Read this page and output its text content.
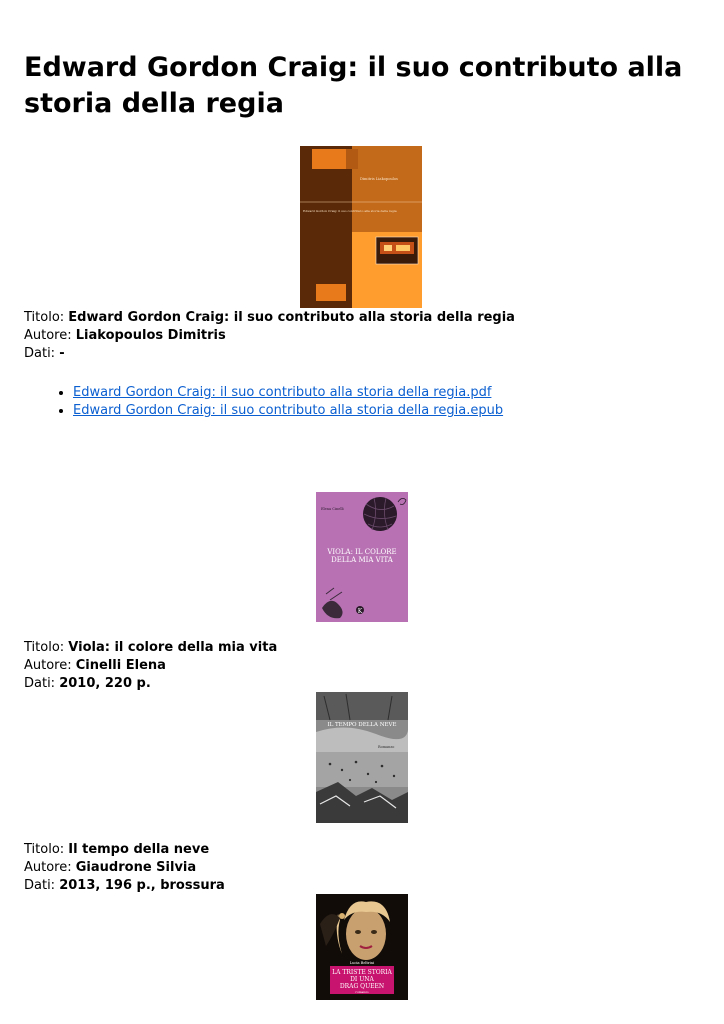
Edward Gordon Craig: il suo contributo alla storia della regia
Dimitris Liakopoulos
Edward Gordon Craig: il suo contributo alla storia della regia

Titolo: Edward Gordon Craig: il suo contributo alla storia della regia
Autore: Liakopoulos Dimitris
Dati: -

• Edward Gordon Craig: il suo contributo alla storia della regia.pdf
• Edward Gordon Craig: il suo contributo alla storia della regia.epub
Elena Cinelli
VIOLA: IL COLORE
DELLA MIA VITA
K

Titolo: Viola: il colore della mia vita
Autore: Cinelli Elena
Dati: 2010, 220 p.

IL TEMPO DELLA NEVE
Romanzo

Titolo: Il tempo della neve
Autore: Giaudrone Silvia
Dati: 2013, 196 p., brossura

Lucia Beltrini
LA TRISTE STORIA
DI UNA
DRAG QUEEN
romanzo
